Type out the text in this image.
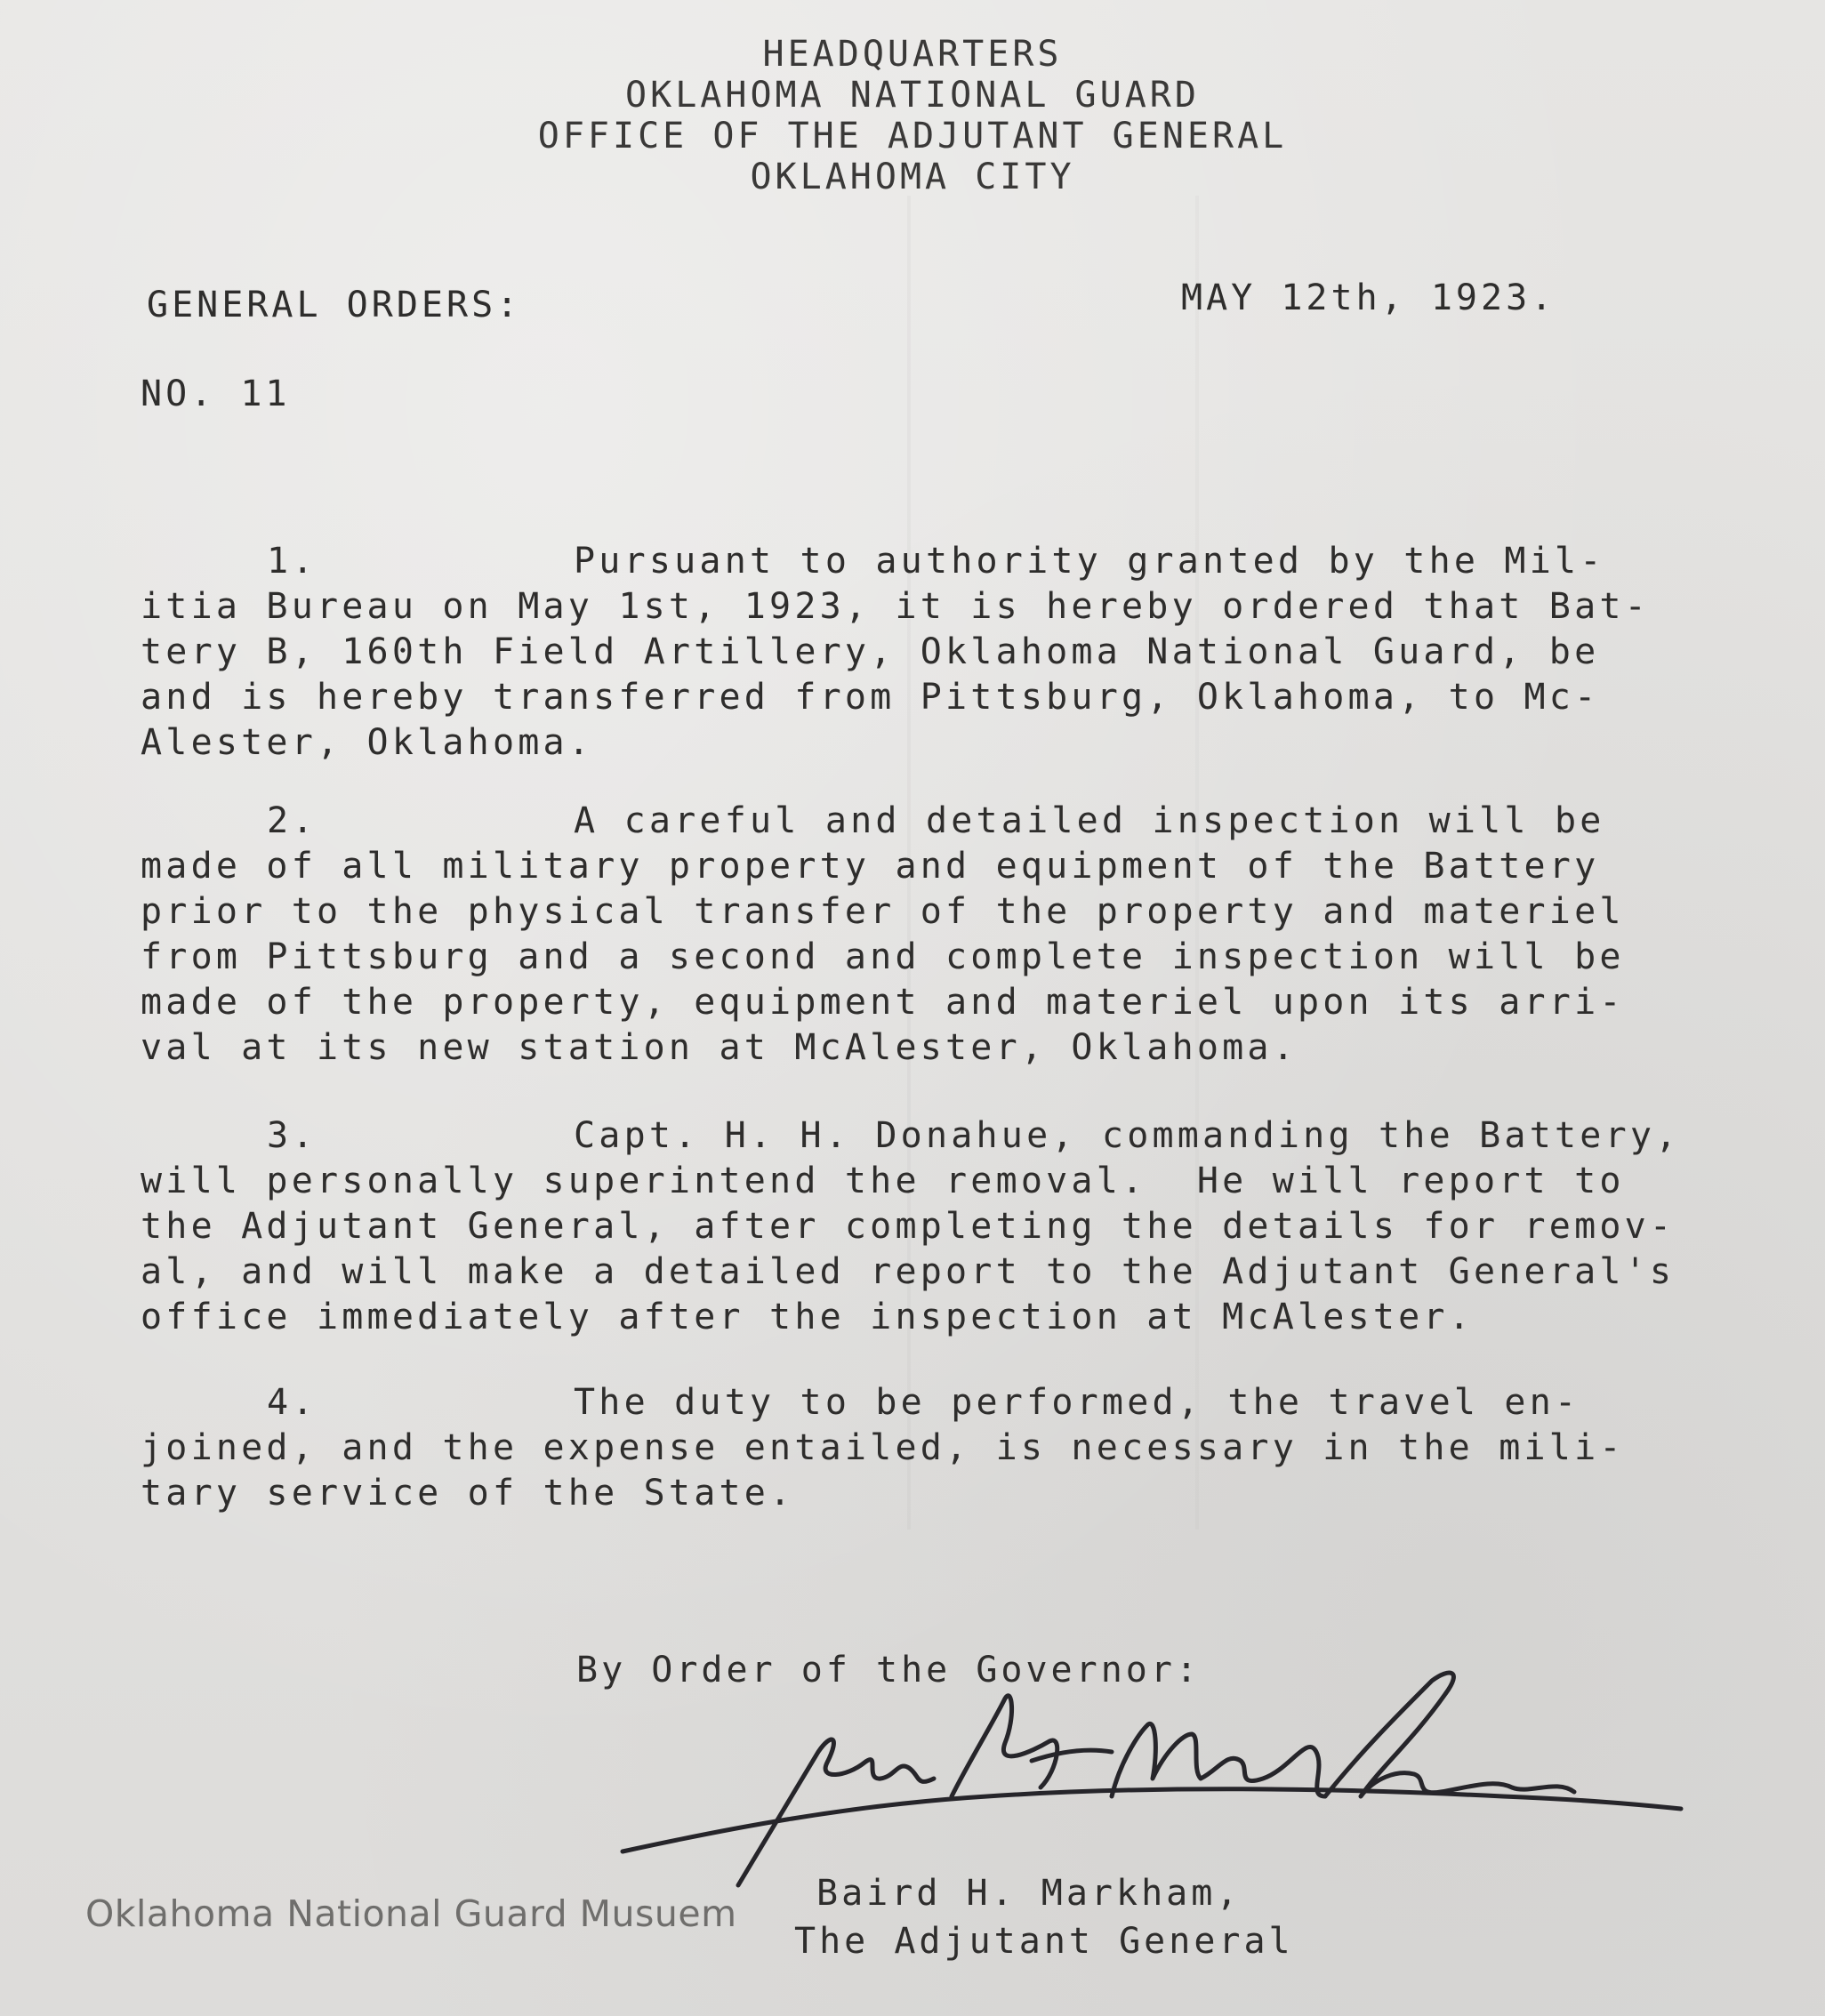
HEADQUARTERS
OKLAHOMA NATIONAL GUARD
OFFICE OF THE ADJUTANT GENERAL
OKLAHOMA CITY
GENERAL ORDERS:	MAY 12th, 1923.
NO. 11
1.	Pursuant to authority granted by the Mil-
itia Bureau on May 1st, 1923, it is hereby ordered that Bat-
tery B, 160th Field Artillery, Oklahoma National Guard, be
and is hereby transferred from Pittsburg, Oklahoma, to Mc-
Alester, Oklahoma.
2.	A careful and detailed inspection will be
made of all military property and equipment of the Battery
prior to the physical transfer of the property and materiel
from Pittsburg and a second and complete inspection will be
made of the property, equipment and materiel upon its arri-
val at its new station at McAlester, Oklahoma.
3.	Capt. H. H. Donahue, commanding the Battery,
will personally superintend the removal.  He will report to
the Adjutant General, after completing the details for remov-
al, and will make a detailed report to the Adjutant General's
office immediately after the inspection at McAlester.
4.	The duty to be performed, the travel en-
joined, and the expense entailed, is necessary in the mili-
tary service of the State.
By Order of the Governor:
Baird H. Markham,
The Adjutant General
Oklahoma National Guard Musuem
